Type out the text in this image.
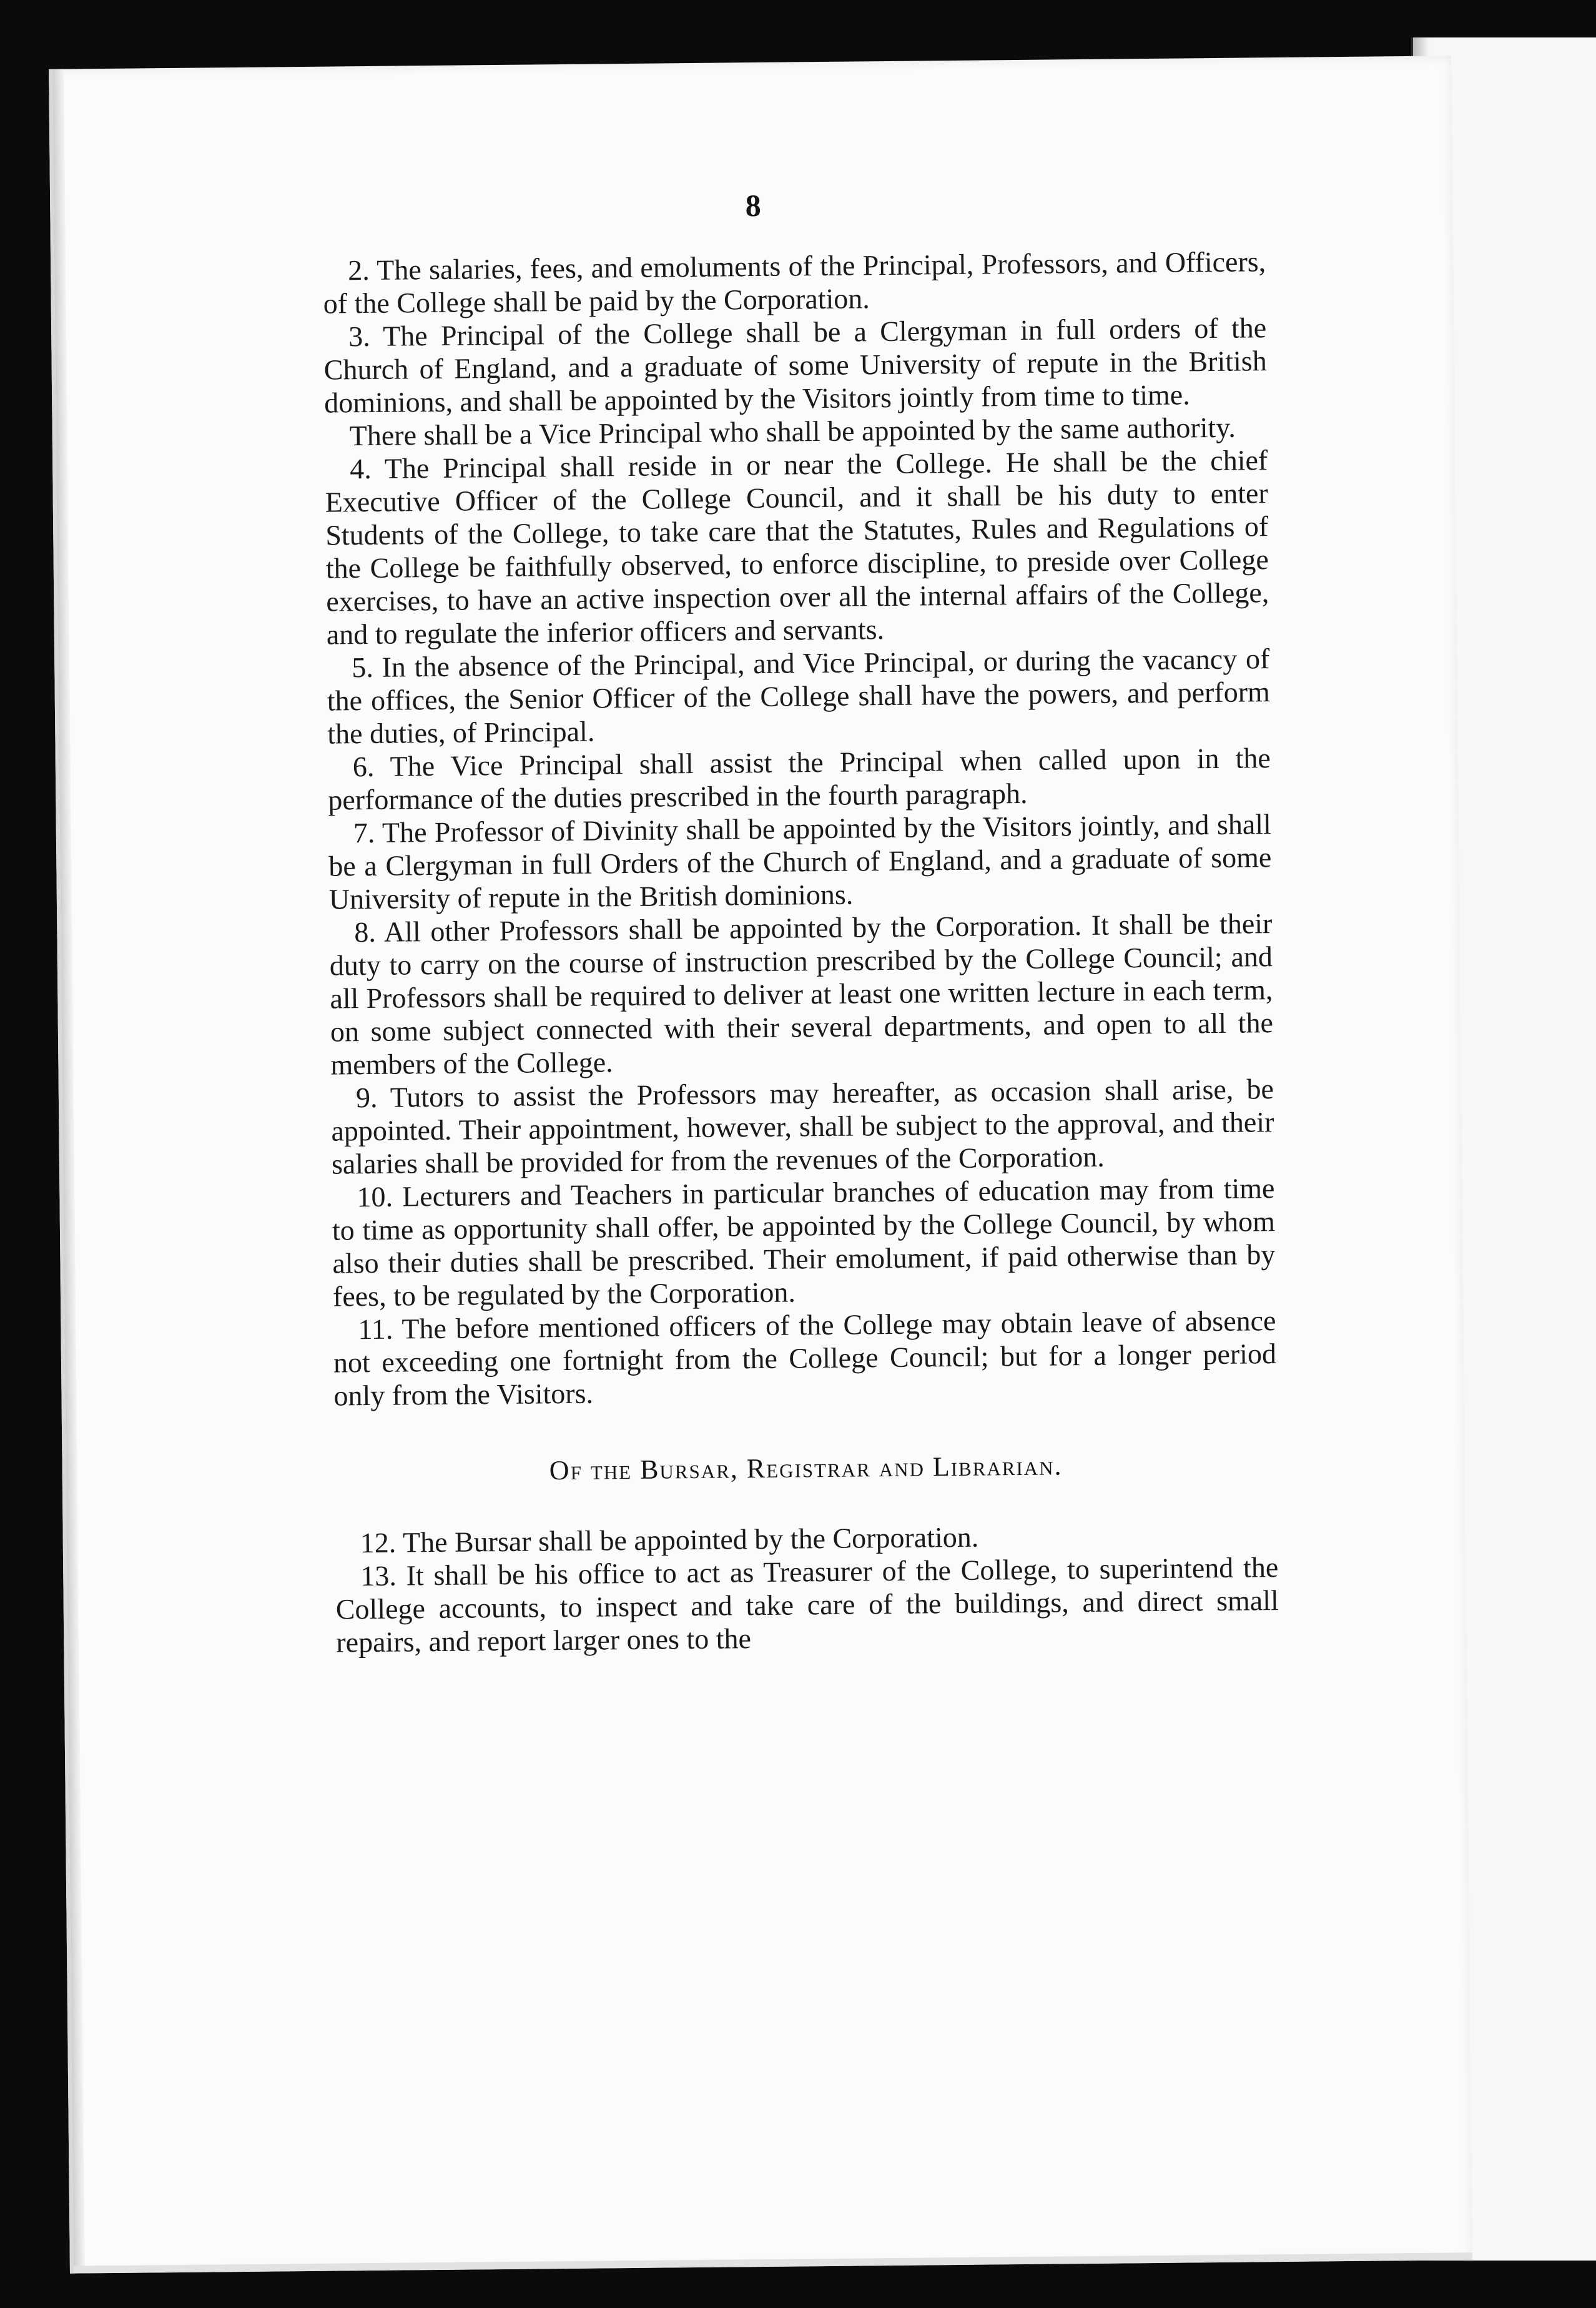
8

2. The salaries, fees, and emoluments of the Principal, Professors, and Officers, of the College shall be paid by the Corporation.

3. The Principal of the College shall be a Clergyman in full orders of the Church of England, and a graduate of some University of repute in the British dominions, and shall be appointed by the Visitors jointly from time to time.

There shall be a Vice Principal who shall be appointed by the same authority.

4. The Principal shall reside in or near the College. He shall be the chief Executive Officer of the College Council, and it shall be his duty to enter Students of the College, to take care that the Statutes, Rules and Regulations of the College be faithfully observed, to enforce discipline, to preside over College exercises, to have an active inspection over all the internal affairs of the College, and to regulate the inferior officers and servants.

5. In the absence of the Principal, and Vice Principal, or during the vacancy of the offices, the Senior Officer of the College shall have the powers, and perform the duties, of Principal.

6. The Vice Principal shall assist the Principal when called upon in the performance of the duties prescribed in the fourth paragraph.

7. The Professor of Divinity shall be appointed by the Visitors jointly, and shall be a Clergyman in full Orders of the Church of England, and a graduate of some University of repute in the British dominions.

8. All other Professors shall be appointed by the Corporation. It shall be their duty to carry on the course of instruction prescribed by the College Council; and all Professors shall be required to deliver at least one written lecture in each term, on some subject connected with their several departments, and open to all the members of the College.

9. Tutors to assist the Professors may hereafter, as occasion shall arise, be appointed. Their appointment, however, shall be subject to the approval, and their salaries shall be provided for from the revenues of the Corporation.

10. Lecturers and Teachers in particular branches of education may from time to time as opportunity shall offer, be appointed by the College Council, by whom also their duties shall be prescribed. Their emolument, if paid otherwise than by fees, to be regulated by the Corporation.

11. The before mentioned officers of the College may obtain leave of absence not exceeding one fortnight from the College Council; but for a longer period only from the Visitors.

Of the Bursar, Registrar and Librarian.

12. The Bursar shall be appointed by the Corporation.

13. It shall be his office to act as Treasurer of the College, to superintend the College accounts, to inspect and take care of the buildings, and direct small repairs, and report larger ones to the
